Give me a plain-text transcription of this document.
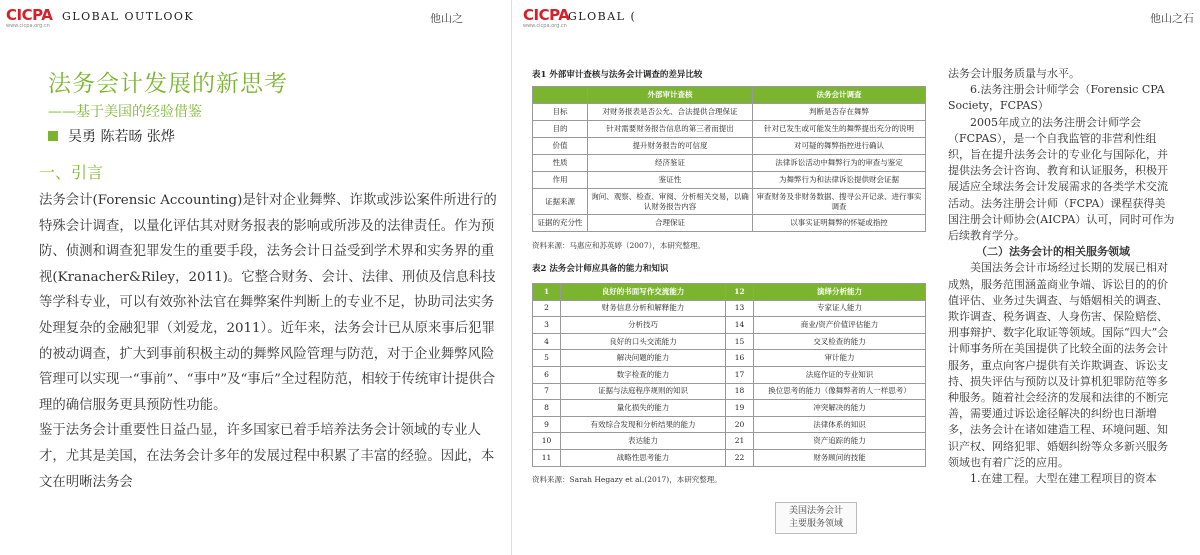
CICPA
www.cicpa.org.cn
GLOBAL OUTLOOK	他山之
法务会计发展的新思考
——基于美国的经验借鉴
吴勇 陈若旸 张烨
一、引言

法务会计(Forensic Accounting)是针对企业舞弊、诈欺或涉讼案件所进行的特殊会计调查，以量化评估其对财务报表的影响或所涉及的法律责任。作为预防、侦测和调查犯罪发生的重要手段，法务会计日益受到学术界和实务界的重视(Kranacher&Riley，2011)。它整合财务、会计、法律、刑侦及信息科技等学科专业，可以有效弥补法官在舞弊案件判断上的专业不足，协助司法实务处理复杂的金融犯罪（刘爱龙，2011）。近年来，法务会计已从原来事后犯罪的被动调查，扩大到事前积极主动的舞弊风险管理与防范，对于企业舞弊风险管理可以实现一“事前”、“事中”及“事后”全过程防范，相较于传统审计提供合理的确信服务更具预防性功能。

鉴于法务会计重要性日益凸显，许多国家已着手培养法务会计领域的专业人才，尤其是美国，在法务会计多年的发展过程中积累了丰富的经验。因此，本文在明晰法务会

CICPA
www.cicpa.org.cn
GLOBAL (	他山之石
表1 外部审计查核与法务会计调查的差异比较
	外部审计查核	法务会计调查
目标	对财务报表是否公允、合法提供合理保证	判断是否存在舞弊
目的	针对需要财务报告信息的第三者而提出	针对已发生或可能发生的舞弊提出充分的说明
价值	提升财务报告的可信度	对可疑的舞弊指控进行确认
性质	经济鉴证	法律诉讼活动中舞弊行为的审查与鉴定
作用	鉴证性	为舞弊行为和法律诉讼提供财会证据
证据来源	询问、观察、检查、审阅、分析相关交易，以确认财务报告内容	审查财务及非财务数据、搜寻公开记录、进行事实调查
证据的充分性	合理保证	以事实证明舞弊的怀疑或指控
资料来源：马惠应和苏英婷（2007），本研究整理。
表2 法务会计师应具备的能力和知识
1	良好的书面写作交流能力	12	演绎分析能力
2	财务信息分析和解释能力	13	专家证人能力
3	分析技巧	14	商业/资产价值评估能力
4	良好的口头交流能力	15	交叉检查的能力
5	解决问题的能力	16	审计能力
6	数字检查的能力	17	法庭作证的专业知识
7	证据与法庭程序规则的知识	18	换位思考的能力（像舞弊者的人一样思考）
8	量化损失的能力	19	冲突解决的能力
9	有效综合发现和分析结果的能力	20	法律体系的知识
10	表达能力	21	资产追踪的能力
11	战略性思考能力	22	财务顾问的技能
资料来源：Sarah Hegazy et al.(2017)，本研究整理。
美国法务会计
主要服务领域

法务会计服务质量与水平。

6.法务注册会计师学会（Forensic CPA Society，FCPAS）

2005年成立的法务注册会计师学会（FCPAS），是一个自我监管的非营利性组织，旨在提升法务会计的专业化与国际化，并提供法务会计咨询、教育和认证服务，积极开展适应全球法务会计发展需求的各类学术交流活动。法务注册会计师（FCPA）课程获得美国注册会计师协会(AICPA）认可，同时可作为后续教育学分。

（二）法务会计的相关服务领域

美国法务会计市场经过长期的发展已相对成熟，服务范围涵盖商业争端、诉讼目的的价值评估、业务过失调查、与婚姻相关的调查、欺诈调查、税务调查、人身伤害、保险赔偿、刑事辩护、数字化取证等领域。国际“四大”会计师事务所在美国提供了比较全面的法务会计服务，重点向客户提供有关诈欺调查、诉讼支持、损失评估与预防以及计算机犯罪防范等多种服务。随着社会经济的发展和法律的不断完善，需要通过诉讼途径解决的纠纷也日渐增多，法务会计在诸如建造工程、环境问题、知识产权、网络犯罪、婚姻纠纷等众多新兴服务领域也有着广泛的应用。

1.在建工程。大型在建工程项目的资本
